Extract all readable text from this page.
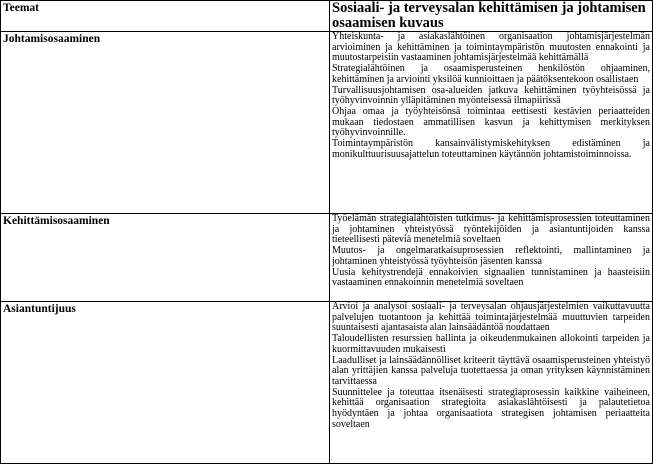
Teemat	Sosiaali- ja terveysalan kehittämisen ja johtamisen osaamisen kuvaus
Johtamisosaaminen	Yhteiskunta- ja asiakaslähtöinen organisaation johtamisjärjestelmän arvioiminen ja kehittäminen ja toimintaympäristön muutosten ennakointi ja muutostarpeisiin vastaaminen johtamisjärjestelmää kehittämällä

Strategialähtöinen ja osaamisperusteinen henkilöstön ohjaaminen, kehittäminen ja arviointi yksilöä kunnioittaen ja päätöksentekoon osallistaen

Turvallisuusjohtamisen osa-alueiden jatkuva kehittäminen työyhteisössä ja työhyvinvoinnin ylläpitäminen myönteisessä ilmapiirissä

Ohjaa omaa ja työyhteisönsä toimintaa eettisesti kestävien periaatteiden mukaan tiedostaen ammatillisen kasvun ja kehittymisen merkityksen työhyvinvoinnille.

Toimintaympäristön kansainvälistymiskehityksen edistäminen ja monikulttuurisuusajattelun toteuttaminen käytännön johtamistoiminnoissa.

Kehittämisosaaminen	Työelämän strategialähtöisten tutkimus- ja kehittämisprosessien toteuttaminen ja johtaminen yhteistyössä työntekijöiden ja asiantuntijoiden kanssa tieteellisesti pätevià menetelmiä soveltaen

Muutos- ja ongelmaratkaisuprosessien reflektointi, mallintaminen ja johtaminen yhteistyössä työyhteisön jäsenten kanssa

Uusia kehitystrendejä ennakoivien signaalien tunnistaminen ja haasteisiin vastaaminen ennakoinnin menetelmiä soveltaen

Asiantuntijuus	Arvioi ja analysoi sosiaali- ja terveysalan ohjausjärjestelmien vaikuttavuutta palvelujen tuotantoon ja kehittää toimintajärjestelmää muuttuvien tarpeiden suuntaisesti ajantasaista alan lainsäädäntöä noudattaen

Taloudellisten resurssien hallinta ja oikeudenmukainen allokointi tarpeiden ja kuormittavuuden mukaisesti

Laadulliset ja lainsäädännölliset kriteerit täyttävä osaamisperusteinen yhteistyö alan yrittäjien kanssa palveluja tuotettaessa ja oman yrityksen käynnistäminen tarvittaessa

Suunnittelee ja toteuttaa itsenäisesti strategiaprosessin kaikkine vaiheineen, kehittää organisaation strategioita asiakaslähtöisesti ja palautetietoa hyödyntäen ja johtaa organisaatiota strategisen johtamisen periaatteita soveltaen
